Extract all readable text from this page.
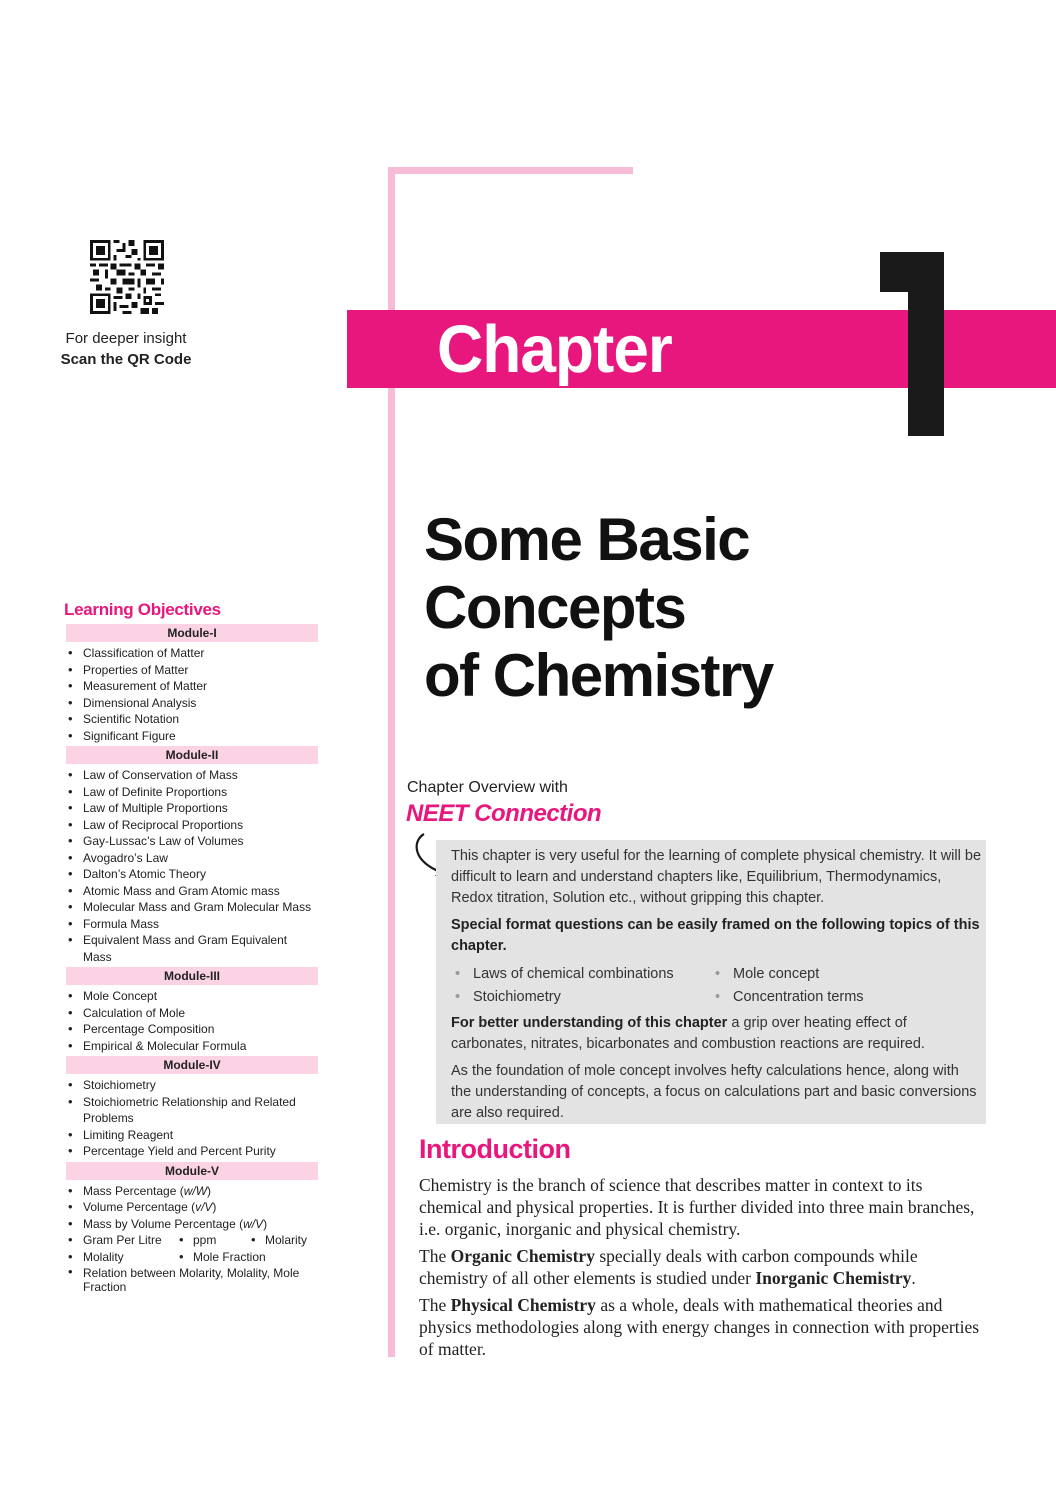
For deeper insight
Scan the QR Code	Chapter
Some Basic Concepts
of Chemistry
Learning Objectives
Module-I
• Classification of Matter
• Properties of Matter
• Measurement of Matter
• Dimensional Analysis
• Scientific Notation
• Significant Figure
Module-II
• Law of Conservation of Mass
• Law of Definite Proportions
• Law of Multiple Proportions
• Law of Reciprocal Proportions
• Gay-Lussac’s Law of Volumes
• Avogadro’s Law
• Dalton’s Atomic Theory
• Atomic Mass and Gram Atomic mass
• Molecular Mass and Gram Molecular Mass
• Formula Mass
• Equivalent Mass and Gram Equivalent Mass
Module-III
• Mole Concept
• Calculation of Mole
• Percentage Composition
• Empirical & Molecular Formula
Module-IV
• Stoichiometry
• Stoichiometric Relationship and Related Problems
• Limiting Reagent
• Percentage Yield and Percent Purity
Module-V
• Mass Percentage (w/W)
• Volume Percentage (v/V)
• Mass by Volume Percentage (w/V)
• Gram Per Litre	• ppm	• Molarity
• Molality	• Mole Fraction
• Relation between Molarity, Molality, Mole Fraction
Chapter Overview with
NEET Connection

This chapter is very useful for the learning of complete physical chemistry. It will be difficult to learn and understand chapters like, Equilibrium, Thermodynamics, Redox titration, Solution etc., without gripping this chapter.

Special format questions can be easily framed on the following topics of this chapter.

• Laws of chemical combinations	• Mole concept
• Stoichiometry	• Concentration terms

For better understanding of this chapter a grip over heating effect of carbonates, nitrates, bicarbonates and combustion reactions are required.

As the foundation of mole concept involves hefty calculations hence, along with the understanding of concepts, a focus on calculations part and basic conversions are also required.

Introduction

Chemistry is the branch of science that describes matter in context to its chemical and physical properties. It is further divided into three main branches, i.e. organic, inorganic and physical chemistry.

The Organic Chemistry specially deals with carbon compounds while chemistry of all other elements is studied under Inorganic Chemistry.

The Physical Chemistry as a whole, deals with mathematical theories and physics methodologies along with energy changes in connection with properties of matter.
